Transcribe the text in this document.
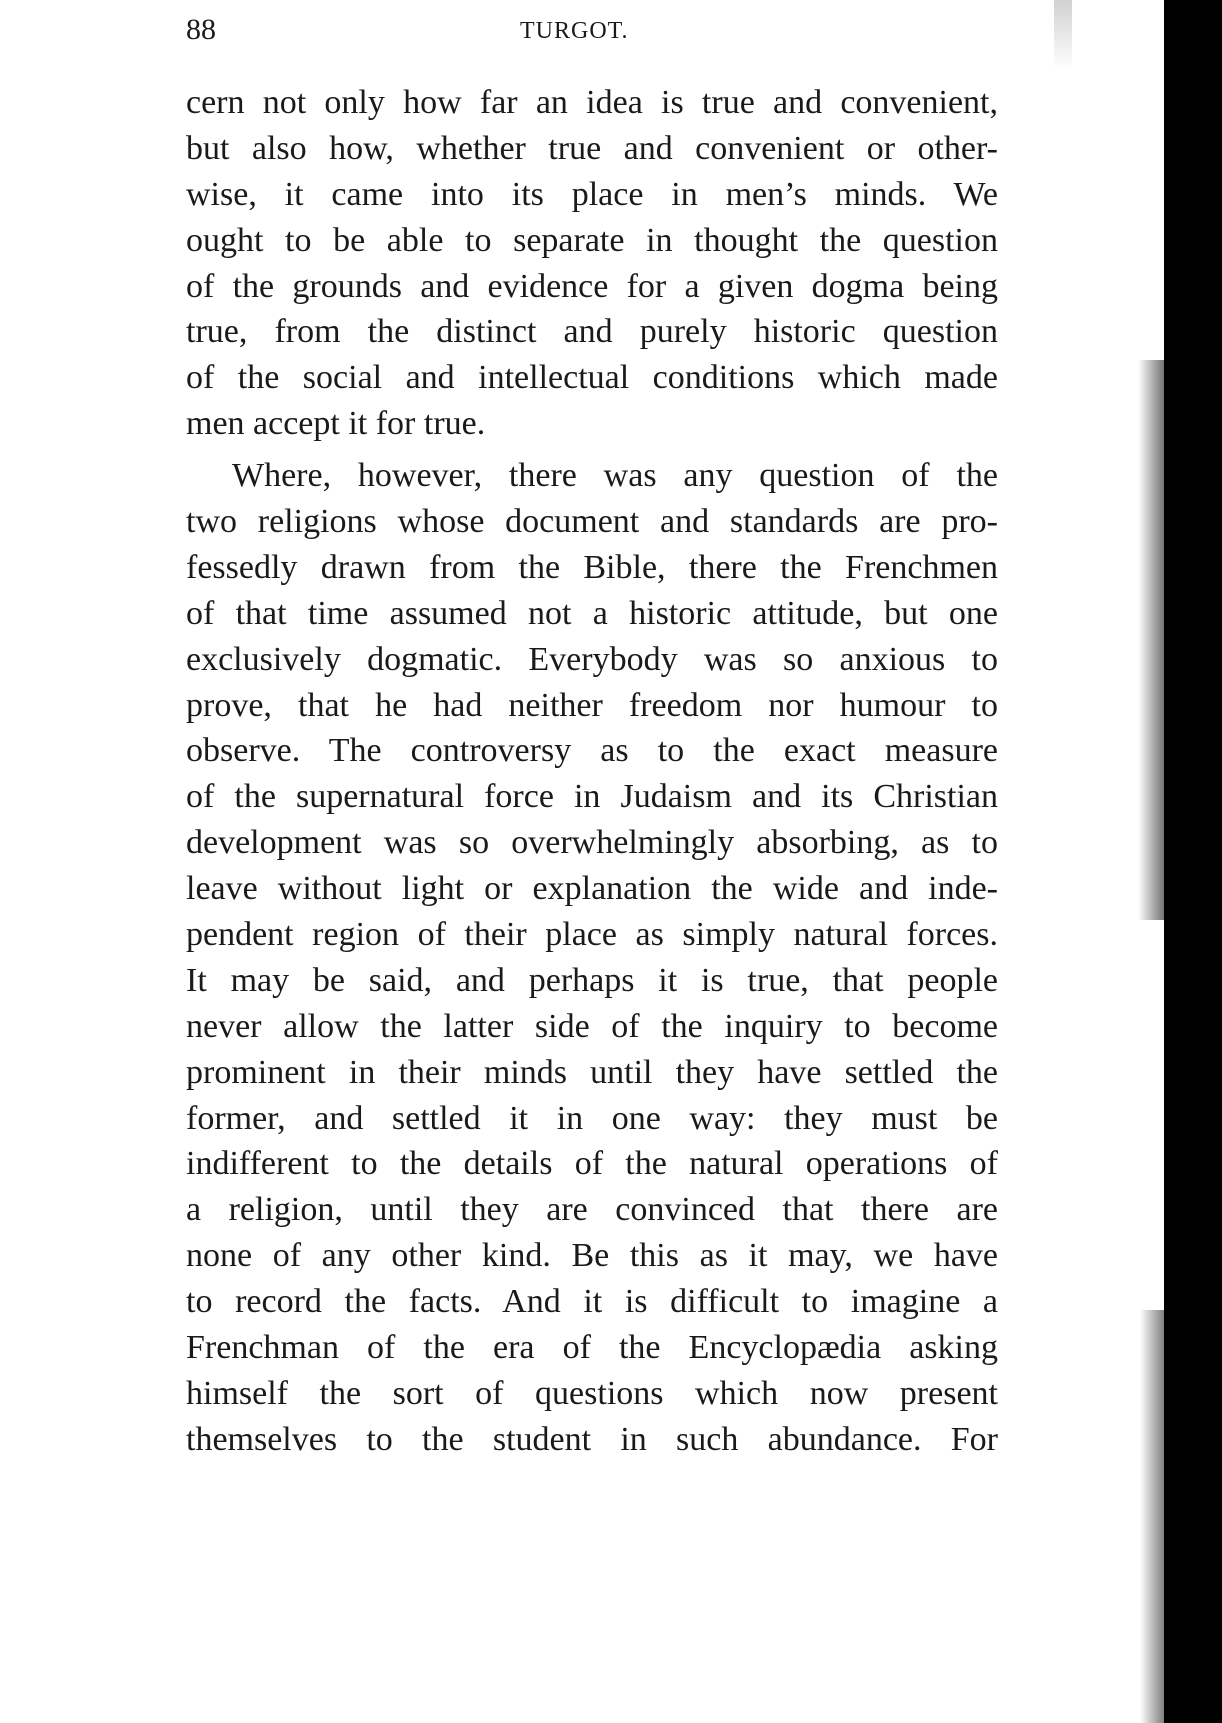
88	TURGOT.
cern not only how far an idea is true and convenient,
but also how, whether true and convenient or other-
wise, it came into its place in men’s minds. We
ought to be able to separate in thought the question
of the grounds and evidence for a given dogma being
true, from the distinct and purely historic question
of the social and intellectual conditions which made
men accept it for true.
Where, however, there was any question of the
two religions whose document and standards are pro-
fessedly drawn from the Bible, there the Frenchmen
of that time assumed not a historic attitude, but one
exclusively dogmatic. Everybody was so anxious to
prove, that he had neither freedom nor humour to
observe. The controversy as to the exact measure
of the supernatural force in Judaism and its Christian
development was so overwhelmingly absorbing, as to
leave without light or explanation the wide and inde-
pendent region of their place as simply natural forces.
It may be said, and perhaps it is true, that people
never allow the latter side of the inquiry to become
prominent in their minds until they have settled the
former, and settled it in one way: they must be
indifferent to the details of the natural operations of
a religion, until they are convinced that there are
none of any other kind. Be this as it may, we have
to record the facts. And it is difficult to imagine a
Frenchman of the era of the Encyclopædia asking
himself the sort of questions which now present
themselves to the student in such abundance. For
